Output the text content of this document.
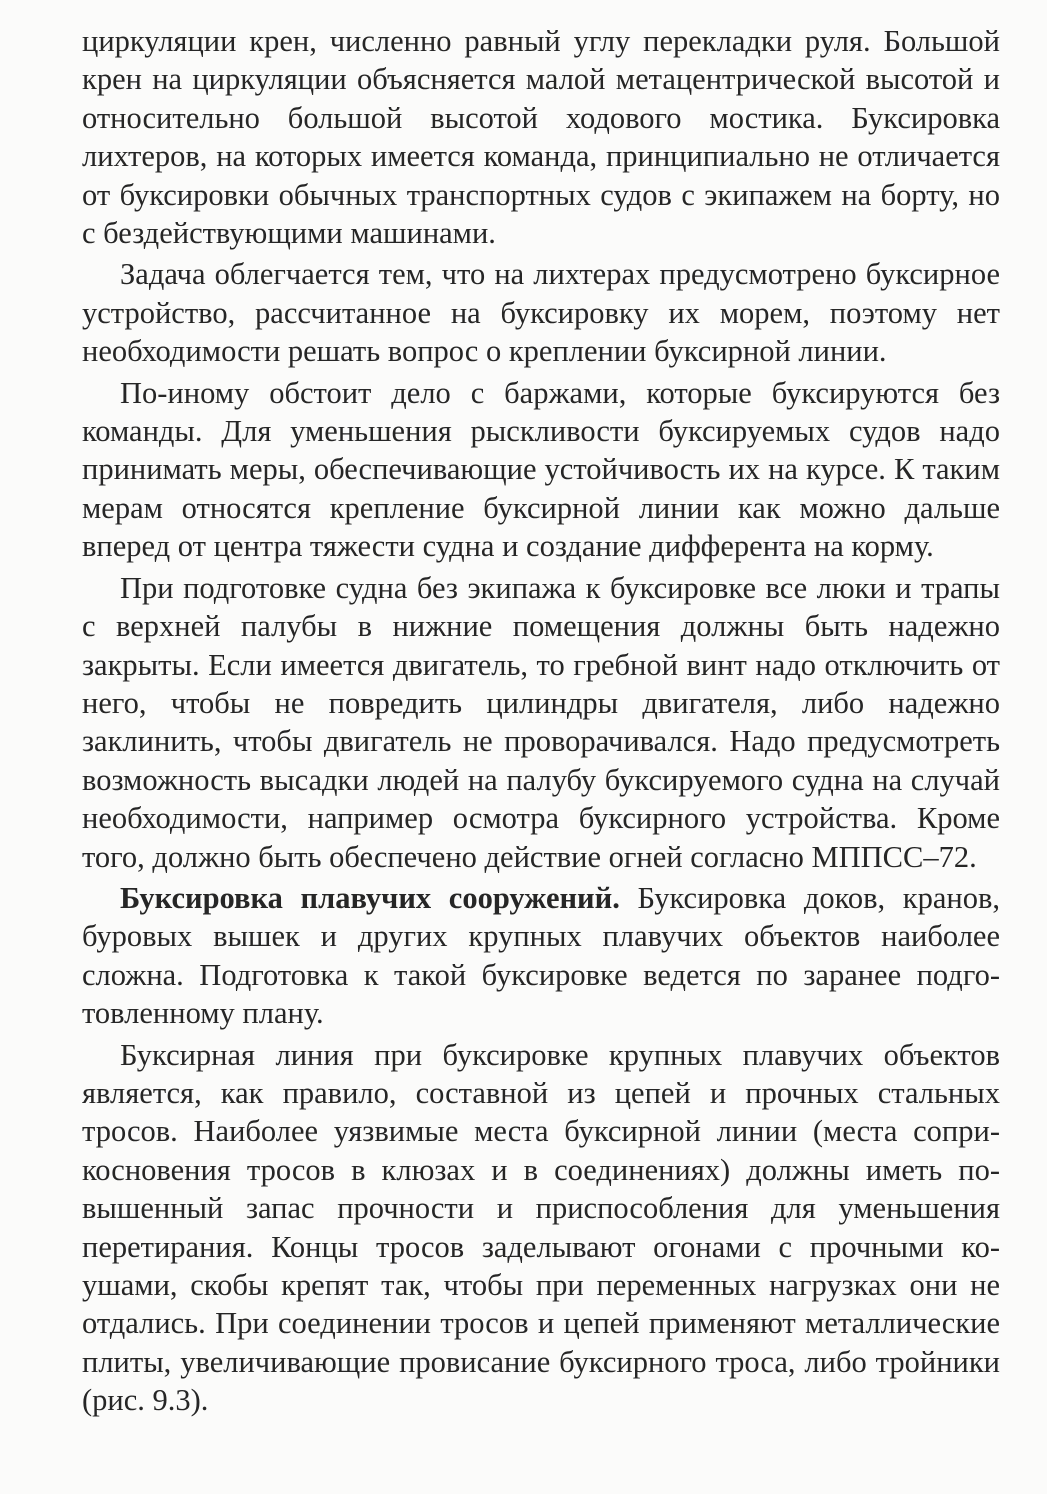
циркуляции крен, численно равный углу перекладки руля. Большой крен на циркуляции объясняется малой метацентрической высотой и относительно большой высотой ходового мостика. Буксировка лихтеров, на которых имеется команда, принципиально не отличается от буксировки обычных транспортных судов с экипажем на борту, но с бездействующими машинами.

Задача облегчается тем, что на лихтерах предусмотрено буксирное устройство, рассчитанное на буксировку их морем, поэтому нет необходимости решать вопрос о креплении буксирной линии.

По-иному обстоит дело с баржами, которые буксируются без команды. Для уменьшения рыскливости буксируемых судов надо принимать меры, обеспечивающие устойчивость их на курсе. К таким мерам относятся крепление буксирной линии как можно дальше вперед от центра тяжести судна и создание дифферента на корму.

При подготовке судна без экипажа к буксировке все люки и трапы с верхней палубы в нижние помещения должны быть надежно закрыты. Если имеется двигатель, то гребной винт надо отключить от него, чтобы не повредить цилиндры двигателя, либо надежно заклинить, чтобы двигатель не проворачивался. Надо предусмотреть возможность высадки людей на палубу буксируемого судна на случай необходимости, например осмотра буксирного устройства. Кроме того, должно быть обеспечено действие огней согласно МППСС–72.

Буксировка плавучих сооружений. Буксировка доков, кранов, буровых вышек и других крупных плавучих объектов наиболее сложна. Подготовка к такой буксировке ведется по заранее подготовленному плану.

Буксирная линия при буксировке крупных плавучих объектов является, как правило, составной из цепей и прочных стальных тросов. Наиболее уязвимые места буксирной линии (места соприкосновения тросов в клюзах и в соединениях) должны иметь повышенный запас прочности и приспособления для уменьшения перетирания. Концы тросов заделывают огонами с прочными коушами, скобы крепят так, чтобы при переменных нагрузках они не отдались. При соединении тросов и цепей применяют металлические плиты, увеличивающие провисание буксирного троса, либо тройники (рис. 9.3).
